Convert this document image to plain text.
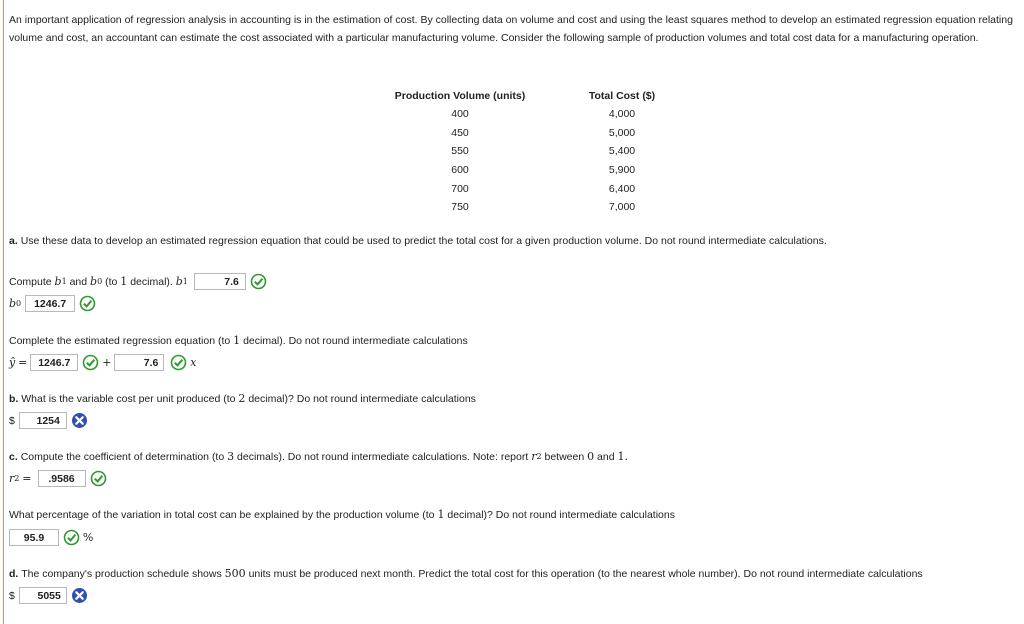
An important application of regression analysis in accounting is in the estimation of cost. By collecting data on volume and cost and using the least squares method to develop an estimated regression equation relating volume and cost, an accountant can estimate the cost associated with a particular manufacturing volume. Consider the following sample of production volumes and total cost data for a manufacturing operation.
Production Volume (units)	Total Cost ($)
400	4,000
450	5,000
550	5,400
600	5,900
700	6,400
750	7,000
a.
Use these data to develop an estimated regression equation that could be used to predict the total cost for a given production volume. Do not round intermediate calculations.
Compute
b 1
and
b 0
(to
1
decimal).
b 1	7.6
b 0	1246.7
Complete the estimated regression equation (to
1
decimal). Do not round intermediate calculations
ŷ
=
	1246.7
	+
	7.6
	x
b.
What is the variable cost per unit produced (to
2
decimal)? Do not round intermediate calculations
$	1254
c.
Compute the coefficient of determination (to
3
decimals). Do not round intermediate calculations. Note: report
r 2
between
0
and
1 .
r 2
=	.9586
What percentage of the variation in total cost can be explained by the production volume (to
1
decimal)? Do not round intermediate calculations
95.9
	%
d.
The company's production schedule shows
500
units must be produced next month. Predict the total cost for this operation (to the nearest whole number). Do not round intermediate calculations
$	5055
